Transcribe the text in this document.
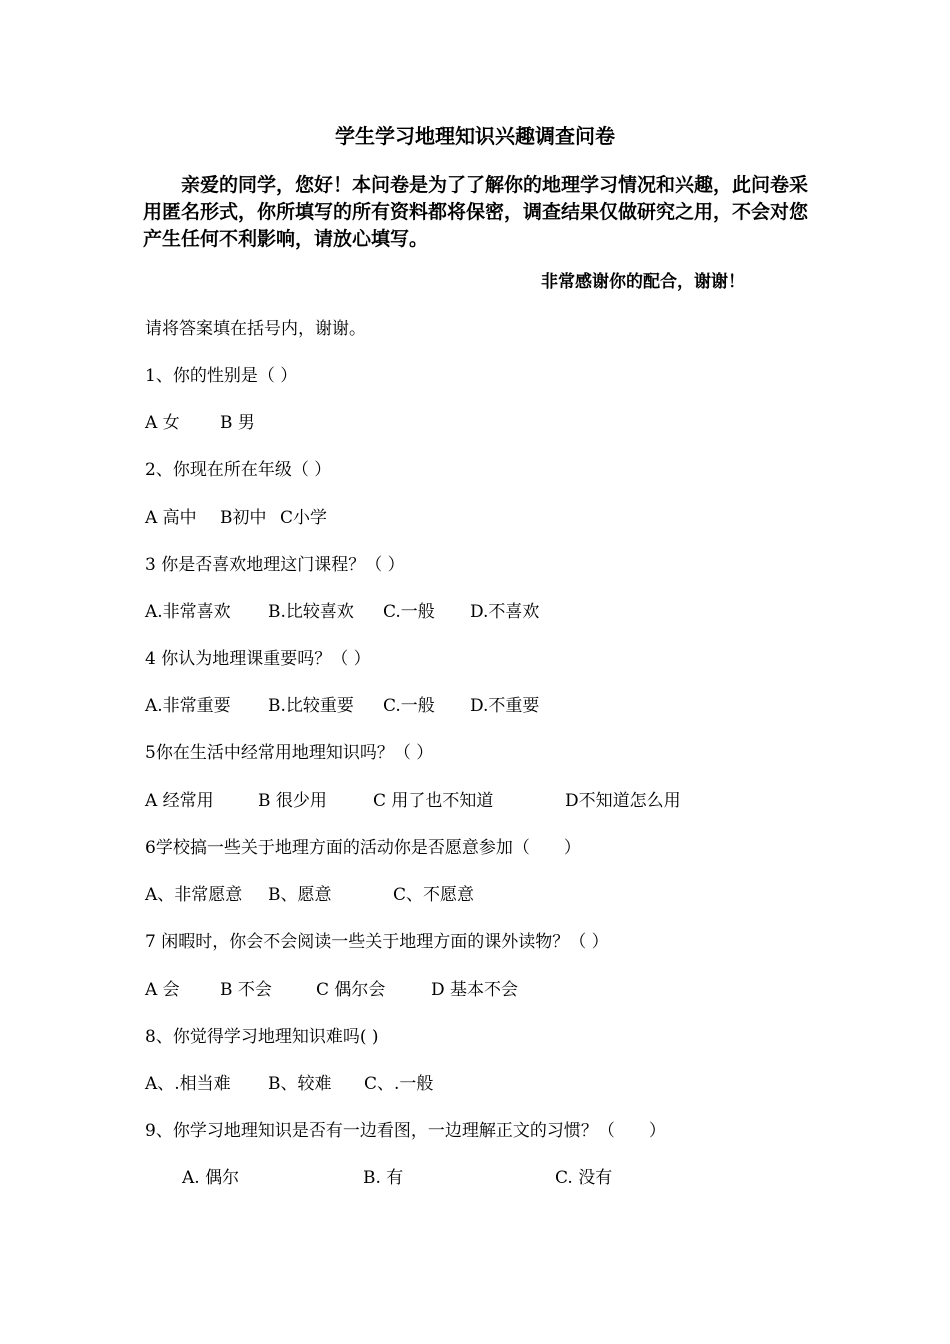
学生学习地理知识兴趣调查问卷

亲爱的同学，您好！本问卷是为了了解你的地理学习情况和兴趣，此问卷采用匿名形式，你所填写的所有资料都将保密，调查结果仅做研究之用，不会对您产生任何不利影响，请放心填写。

非常感谢你的配合，谢谢！
请将答案填在括号内，谢谢。
1、你的性别是（ ）
A 女 B 男
2、你现在所在年级（ ）
A 高中 B初中 C小学
3 你是否喜欢地理这门课程？（ ）
A.非常喜欢 B.比较喜欢 C.一般 D.不喜欢
4 你认为地理课重要吗？（ ）
A.非常重要 B.比较重要 C.一般 D.不重要
5你在生活中经常用地理知识吗？（ ）
A 经常用	B 很少用	C 用了也不知道	D不知道怎么用
6学校搞一些关于地理方面的活动你是否愿意参加（　　）
A、非常愿意 B、愿意	C、不愿意
7 闲暇时，你会不会阅读一些关于地理方面的课外读物？（ ）
A 会 B 不会	C 偶尔会	D 基本不会
8、你觉得学习地理知识难吗( )
A、.相当难 B、较难 C、.一般
9、你学习地理知识是否有一边看图，一边理解正文的习惯？（　　）
A. 偶尔	B. 有	C. 没有
